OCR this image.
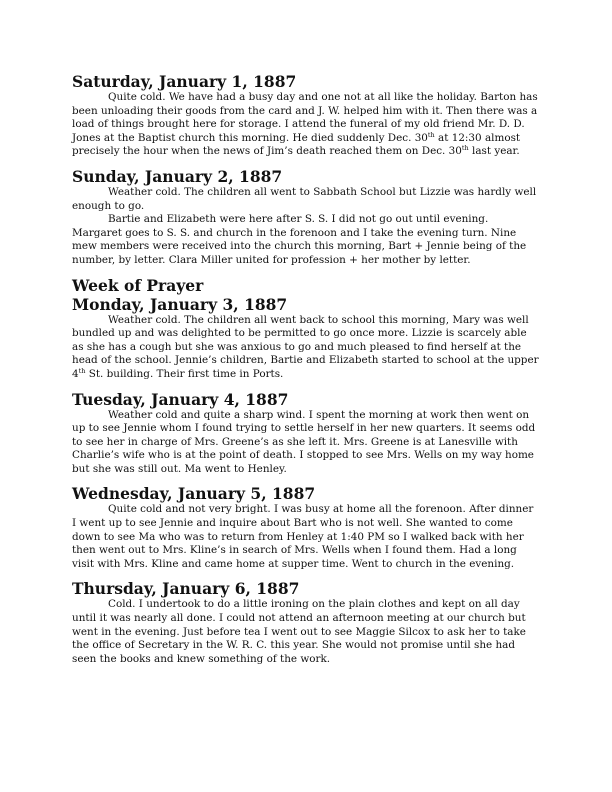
Saturday, January 1, 1887

Quite cold. We have had a busy day and one not at all like the holiday. Barton has been unloading their goods from the card and J. W. helped him with it. Then there was a load of things brought here for storage. I attend the funeral of my old friend Mr. D. D. Jones at the Baptist church this morning. He died suddenly Dec. 30th at 12:30 almost precisely the hour when the news of Jim’s death reached them on Dec. 30th last year.

Sunday, January 2, 1887

Weather cold. The children all went to Sabbath School but Lizzie was hardly well enough to go.

Bartie and Elizabeth were here after S. S. I did not go out until evening. Margaret goes to S. S. and church in the forenoon and I take the evening turn. Nine mew members were received into the church this morning, Bart + Jennie being of the number, by letter. Clara Miller united for profession + her mother by letter.

Week of Prayer
Monday, January 3, 1887

Weather cold. The children all went back to school this morning, Mary was well bundled up and was delighted to be permitted to go once more. Lizzie is scarcely able as she has a cough but she was anxious to go and much pleased to find herself at the head of the school. Jennie’s children, Bartie and Elizabeth started to school at the upper 4th St. building. Their first time in Ports.

Tuesday, January 4, 1887

Weather cold and quite a sharp wind. I spent the morning at work then went on up to see Jennie whom I found trying to settle herself in her new quarters. It seems odd to see her in charge of Mrs. Greene’s as she left it. Mrs. Greene is at Lanesville with Charlie’s wife who is at the point of death. I stopped to see Mrs. Wells on my way home but she was still out. Ma went to Henley.

Wednesday, January 5, 1887

Quite cold and not very bright. I was busy at home all the forenoon. After dinner I went up to see Jennie and inquire about Bart who is not well. She wanted to come down to see Ma who was to return from Henley at 1:40 PM so I walked back with her then went out to Mrs. Kline’s in search of Mrs. Wells when I found them. Had a long visit with Mrs. Kline and came home at supper time. Went to church in the evening.

Thursday, January 6, 1887

Cold. I undertook to do a little ironing on the plain clothes and kept on all day until it was nearly all done. I could not attend an afternoon meeting at our church but went in the evening. Just before tea I went out to see Maggie Silcox to ask her to take the office of Secretary in the W. R. C. this year. She would not promise until she had seen the books and knew something of the work.
